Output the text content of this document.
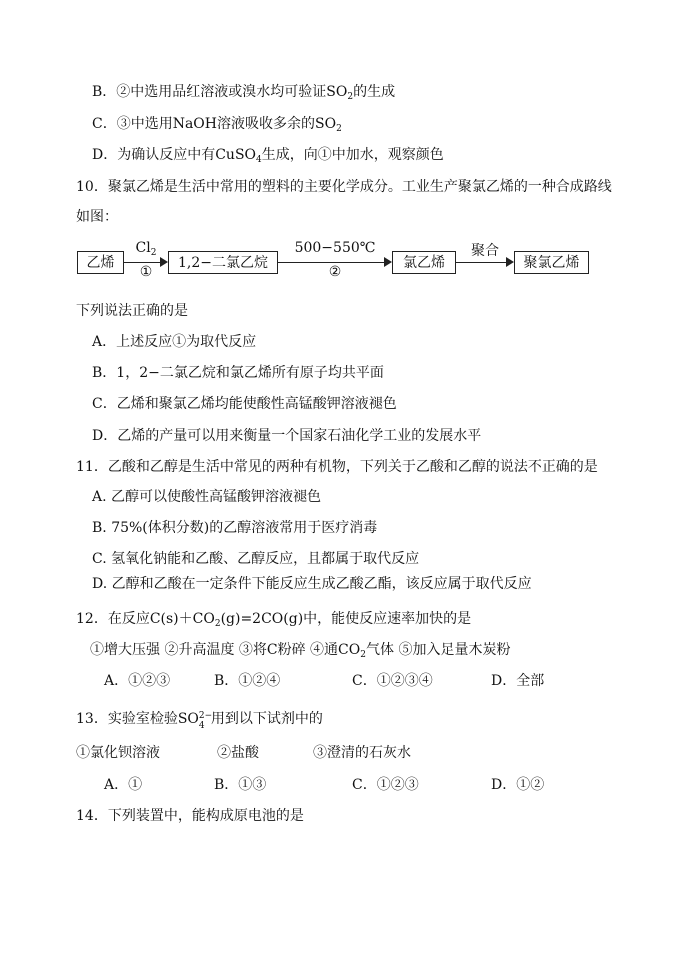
B．②中选用品红溶液或溴水均可验证$SO_2$的生成
C．③中选用NaOH溶液吸收多余的$SO_2$
D．为确认反应中有CuSO$_4$生成，向①中加水，观察颜色
10．聚氯乙烯是生活中常用的塑料的主要化学成分。工业生产聚氯乙烯的一种合成路线
如图：
乙烯
$Cl_2$
①
1,2−二氯乙烷
500−550℃
②
氯乙烯
聚合
聚氯乙烯
下列说法正确的是
A．上述反应①为取代反应
B．1，2−二氯乙烷和氯乙烯所有原子均共平面
C．乙烯和聚氯乙烯均能使酸性高锰酸钾溶液褪色
D．乙烯的产量可以用来衡量一个国家石油化学工业的发展水平
11．乙酸和乙醇是生活中常见的两种有机物，下列关于乙酸和乙醇的说法不正确的是
A. 乙醇可以使酸性高锰酸钾溶液褪色
B. 75%(体积分数)的乙醇溶液常用于医疗消毒
C. 氢氧化钠能和乙酸、乙醇反应，且都属于取代反应
D. 乙醇和乙酸在一定条件下能反应生成乙酸乙酯，该反应属于取代反应
12．在反应$C(s)+CO_2(g)=2CO(g)$中，能使反应速率加快的是
①增大压强 ②升高温度 ③将C粉碎 ④通$CO_2$气体 ⑤加入足量木炭粉
A．①②③	B．①②④	C．①②③④	D．全部
13．实验室检验SO 2−
4 用到以下试剂中的
①氯化钡溶液	②盐酸	③澄清的石灰水
A．①	B．①③	C．①②③	D．①②
14．下列装置中，能构成原电池的是
